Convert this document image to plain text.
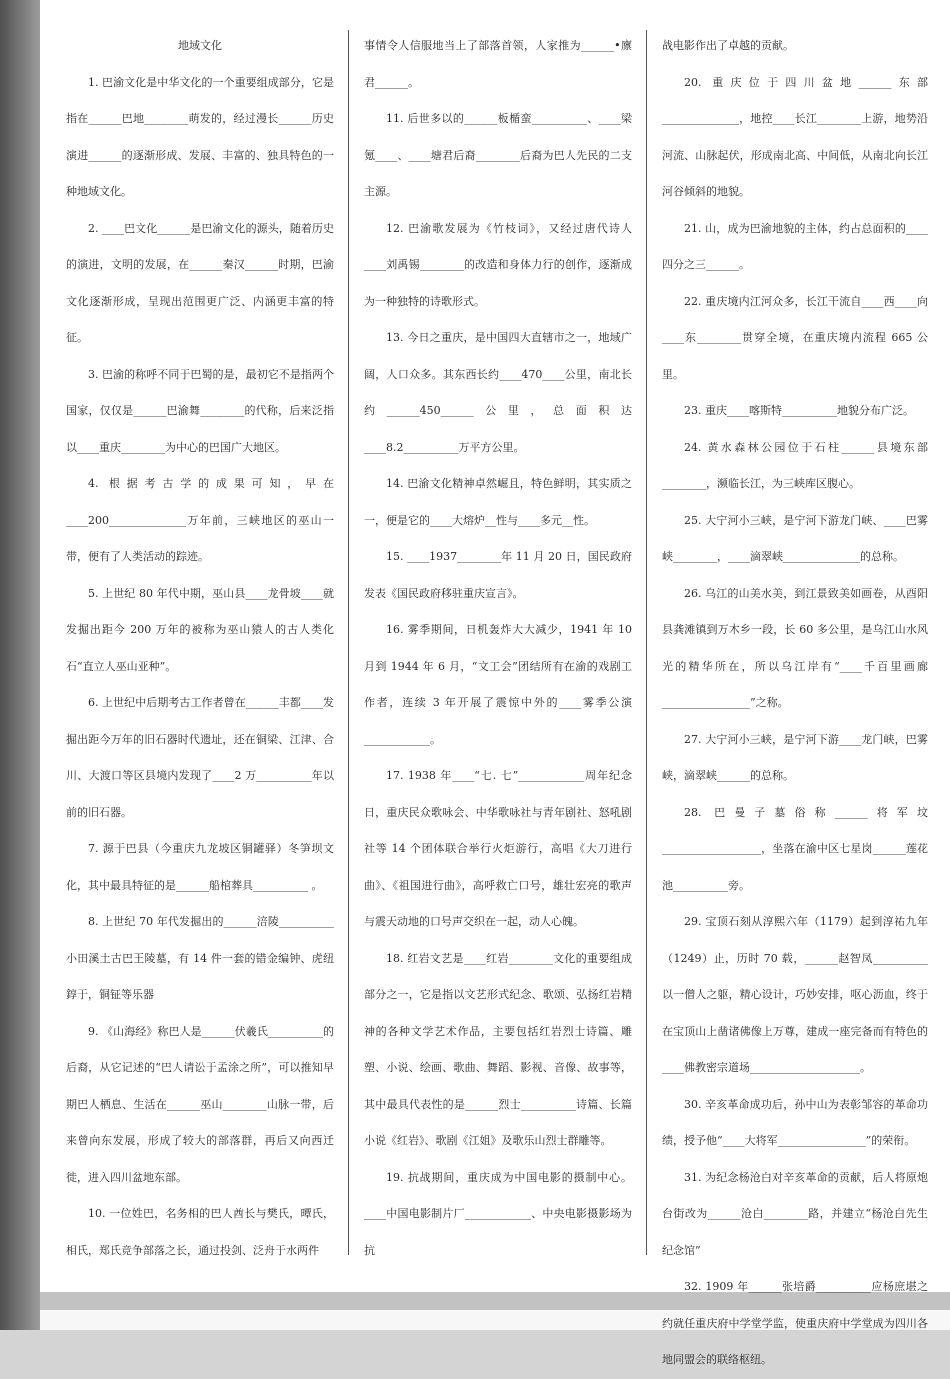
地域文化

1. 巴渝文化是中华文化的一个重要组成部分，它是指在______巴地________萌发的，经过漫长______历史演进______的逐渐形成、发展、丰富的、独具特色的一种地域文化。

2. ____巴文化______是巴渝文化的源头，随着历史的演进，文明的发展，在______秦汉______时期，巴渝文化逐渐形成，呈现出范围更广泛、内涵更丰富的特征。

3. 巴渝的称呼不同于巴蜀的是，最初它不是指两个国家，仅仅是______巴渝舞________的代称，后来泛指以____重庆________为中心的巴国广大地区。

4. 根据考古学的成果可知，早在____200______________万年前，三峡地区的巫山一带，便有了人类活动的踪迹。

5. 上世纪 80 年代中期，巫山县____龙骨坡____就发掘出距今 200 万年的被称为巫山猿人的古人类化石“直立人巫山亚种”。

6. 上世纪中后期考古工作者曾在______丰都____发掘出距今万年的旧石器时代遗址，还在铜梁、江津、合川、大渡口等区县境内发现了____2 万__________年以前的旧石器。

7. 源于巴县（今重庆九龙坡区铜罐驿）冬笋坝文化，其中最具特征的是______船棺葬具__________ 。

8. 上世纪 70 年代发掘出的______涪陵__________小田溪土古巴王陵墓，有 14 件一套的错金编钟、虎纽錞于，铜钲等乐器

9. 《山海经》称巴人是______伏羲氏__________的后裔，从它记述的“巴人请讼于孟涂之所”，可以推知早期巴人栖息、生活在______巫山________山脉一带，后来曾向东发展，形成了较大的部落群，再后又向西迁徙，进入四川盆地东部。

10. 一位姓巴，名务相的巴人酋长与樊氏，曋氏，相氏，郑氏竞争部落之长，通过投剑、泛舟于水两件

事情令人信服地当上了部落首领，人家推为______•廪君______。

11. 后世多以的______板楯蛮__________、____梁氪____、____塘君后裔________后裔为巴人先民的二支主源。

12. 巴渝歌发展为《竹枝词》，又经过唐代诗人____刘禹锡________的改造和身体力行的创作，逐渐成为一种独特的诗歌形式。

13. 今日之重庆，是中国四大直辖市之一，地域广阔，人口众多。其东西长约____470____公里，南北长约______450______公里，总面积达____8.2__________万平方公里。

14. 巴渝文化精神卓然崛且，特色鲜明，其实质之一，便是它的____大熔炉__性与____多元__性。

15. ____1937________年 11 月 20 日，国民政府发表《国民政府移驻重庆宣言》。

16. 雾季期间，日机轰炸大大减少，1941 年 10 月到 1944 年 6 月，“文工会”团结所有在渝的戏剧工作者，连续 3 年开展了震惊中外的____雾季公演____________。

17. 1938 年____“七. 七”____________周年纪念日，重庆民众歌咏会、中华歌咏社与青年剧社、怒吼剧社等 14 个团体联合举行火炬游行，高唱《大刀进行曲》、《祖国进行曲》，高呼救亡口号，雄壮宏亮的歌声与震天动地的口号声交织在一起，动人心魄。

18. 红岩文艺是____红岩________文化的重要组成部分之一，它是指以文艺形式纪念、歌颂、弘扬红岩精神的各种文学艺术作品，主要包括红岩烈士诗篇、雕塑、小说、绘画、歌曲、舞蹈、影视、音像、故事等，其中最具代表性的是______烈士__________诗篇、长篇小说《红岩》、歌剧《江姐》及歌乐山烈士群雕等。

19. 抗战期间，重庆成为中国电影的摄制中心。____中国电影制片厂____________、中央电影摄影场为抗

战电影作出了卓越的贡献。

20. 重庆位于四川盆地______东部______________，地控____长江________上游，地势沿河流、山脉起伏，形成南北高、中间低，从南北向长江河谷倾斜的地貌。

21. 山，成为巴渝地貌的主体，约占总面积的____四分之三______。

22. 重庆境内江河众多，长江干流自____西____向____东________贯穿全境，在重庆境内流程 665 公里。

23. 重庆____喀斯特__________地貌分布广泛。

24. 黄水森林公园位于石柱______县境东部________，濒临长江，为三峡库区腹心。

25. 大宁河小三峡，是宁河下游龙门峡、____巴雾峡________，____滴翠峡______________的总称。

26. 乌江的山美水美，到江景致美如画卷，从酉阳县龚滩镇到万木乡一段，长 60 多公里，是乌江山水风光的精华所在，所以乌江岸有“____千百里画廊________________”之称。

27. 大宁河小三峡，是宁河下游____龙门峡，巴雾峡，滴翠峡______的总称。

28. 巴曼子墓俗称______将军坟__________________，坐落在渝中区七星岗______莲花池__________旁。

29. 宝顶石刻从淳熙六年（1179）起到淳祐九年（1249）止，历时 70 载，______赵智凤__________以一僧人之躯，精心设计，巧妙安排，呕心沥血，终于在宝顶山上凿诸佛像上万尊，建成一座完备而有特色的____佛教密宗道场____________________。

30. 辛亥革命成功后，孙中山为表彰邹容的革命功绩，授予他“____大将军________________”的荣衔。

31. 为纪念杨沧白对辛亥革命的贡献，后人将原炮台街改为______沧白________路，并建立“杨沧白先生纪念馆”

32. 1909 年______张培爵__________应杨庶堪之约就任重庆府中学堂学监，使重庆府中学堂成为四川各地同盟会的联络枢纽。
